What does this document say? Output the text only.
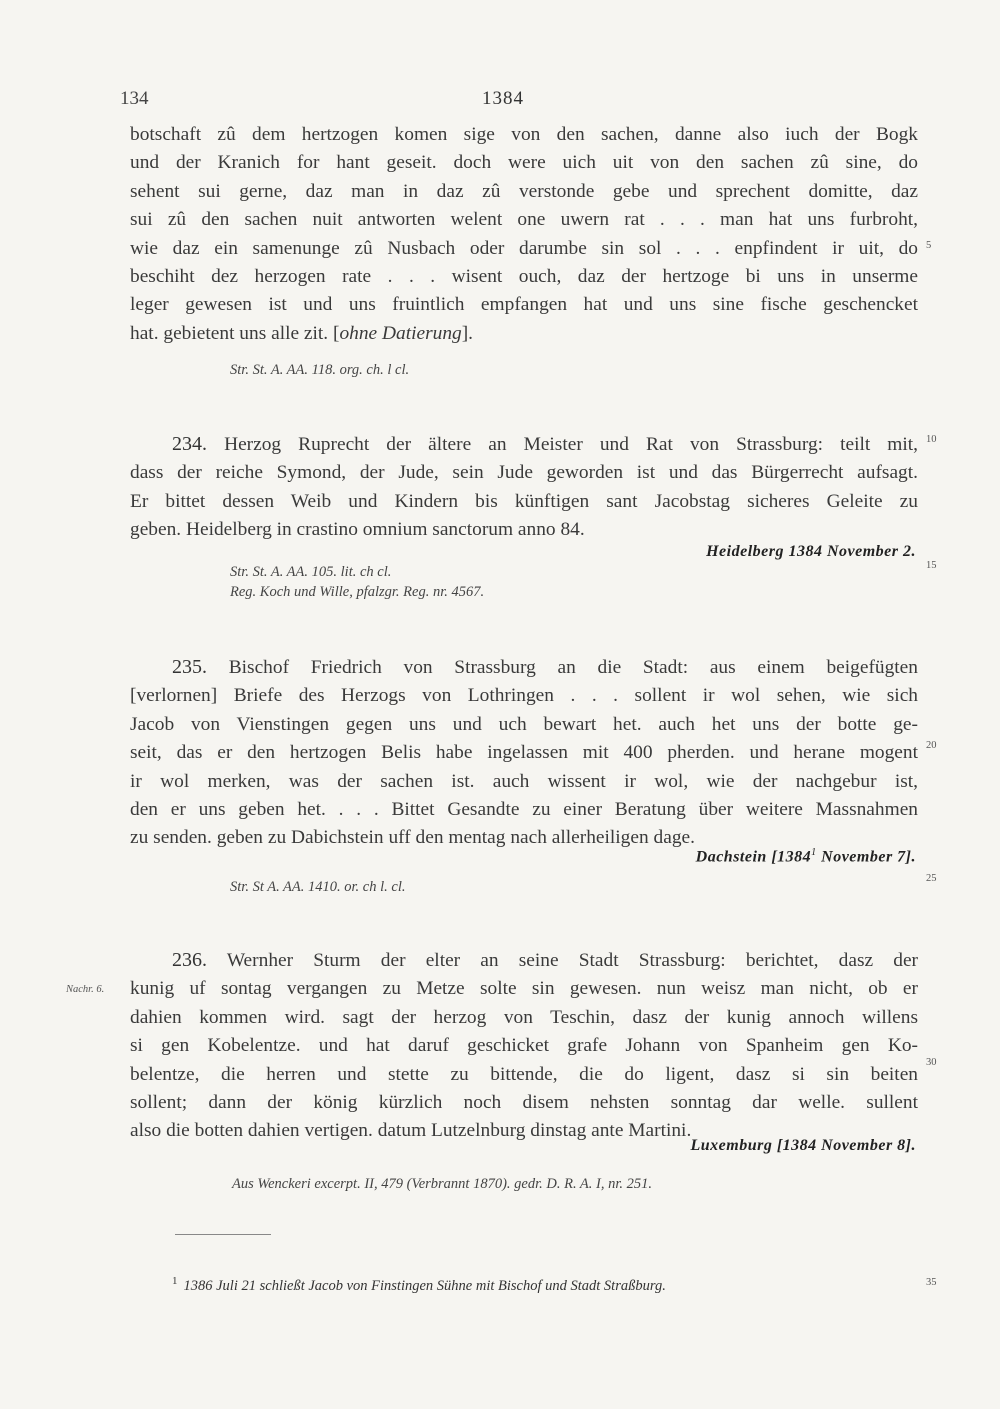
134	1384
botschaft zû dem hertzogen komen sige von den sachen, danne also iuch der Bogk
und der Kranich for hant geseit. doch were uich uit von den sachen zû sine, do
sehent sui gerne, daz man in daz zû verstonde gebe und sprechent domitte, daz
sui zû den sachen nuit antworten welent one uwern rat . . . man hat uns furbroht,
wie daz ein samenunge zû Nusbach oder darumbe sin sol . . . enpfindent ir uit, do
beschiht dez herzogen rate . . . wisent ouch, daz der hertzoge bi uns in unserme
leger gewesen ist und uns fruintlich empfangen hat und uns sine fische geschencket
hat. gebietent uns alle zit. [ohne Datierung].
Str. St. A. AA. 118. org. ch. l cl.
234. Herzog Ruprecht der ältere an Meister und Rat von Strassburg: teilt mit,
dass der reiche Symond, der Jude, sein Jude geworden ist und das Bürgerrecht aufsagt.
Er bittet dessen Weib und Kindern bis künftigen sant Jacobstag sicheres Geleite zu
geben. Heidelberg in crastino omnium sanctorum anno 84.
Heidelberg 1384 November 2.
Str. St. A. AA. 105. lit. ch cl.
Reg. Koch und Wille, pfalzgr. Reg. nr. 4567.
235. Bischof Friedrich von Strassburg an die Stadt: aus einem beigefügten
[verlornen] Briefe des Herzogs von Lothringen . . . sollent ir wol sehen, wie sich
Jacob von Vienstingen gegen uns und uch bewart het. auch het uns der botte ge-
seit, das er den hertzogen Belis habe ingelassen mit 400 pherden. und herane mogent
ir wol merken, was der sachen ist. auch wissent ir wol, wie der nachgebur ist,
den er uns geben het. . . . Bittet Gesandte zu einer Beratung über weitere Massnahmen
zu senden. geben zu Dabichstein uff den mentag nach allerheiligen dage.
Dachstein [1384$^1$ November 7].
Str. St A. AA. 1410. or. ch l. cl.
236. Wernher Sturm der elter an seine Stadt Strassburg: berichtet, dasz der
kunig uf sontag vergangen zu Metze solte sin gewesen. nun weisz man nicht, ob er
dahien kommen wird. sagt der herzog von Teschin, dasz der kunig annoch willens
si gen Kobelentze. und hat daruf geschicket grafe Johann von Spanheim gen Ko-
belentze, die herren und stette zu bittende, die do ligent, dasz si sin beiten
sollent; dann der könig kürzlich noch disem nehsten sonntag dar welle. sullent
also die botten dahien vertigen. datum Lutzelnburg dinstag ante Martini.
Luxemburg [1384 November 8].
Aus Wenckeri excerpt. II, 479 (Verbrannt 1870). gedr. D. R. A. I, nr. 251.
Nachr. 6.
5
10
15
20
25
30
35
$^1$ 1386 Juli 21 schließt Jacob von Finstingen Sühne mit Bischof und Stadt Straßburg.
